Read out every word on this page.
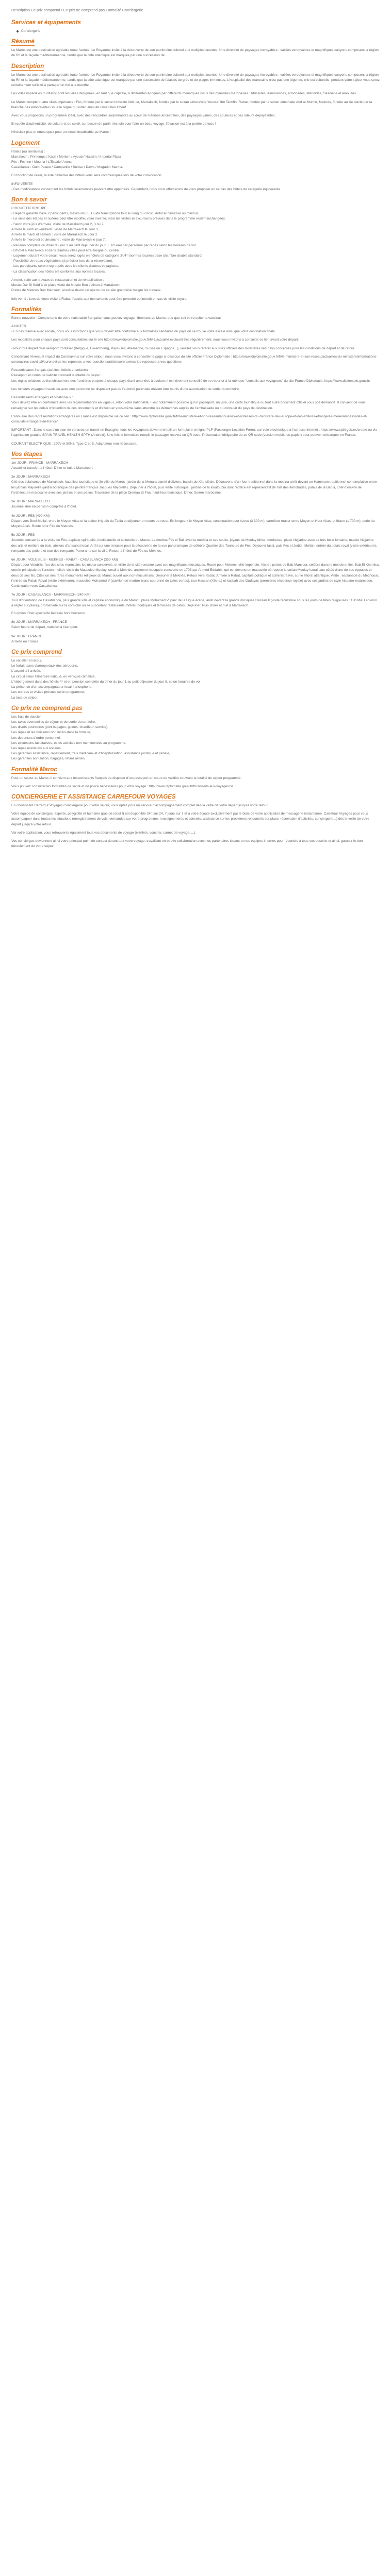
Description Ce prix comprend / Ce prix ne comprend pas Formalité Conciergerie
Services et équipements
Conciergerie
Résumé

Le Maroc est une destination agréable toute l'année. Le Royaume invite à la découverte de son patrimoine culturel aux multiples facettes. Une diversité de paysages incroyables : vallées verdoyantes et magnifiques canyons composent la région du Rif et la façade méditerranéenne, tandis que la côte atlantique est marquée par une succession de ...

Description

Le Maroc est une destination agréable toute l'année. Le Royaume invite à la découverte de son patrimoine culturel aux multiples facettes. Une diversité de paysages incroyables : vallées verdoyantes et magnifiques canyons composent la région du Rif et la façade méditerranéenne, tandis que la côte atlantique est marquée par une succession de falaises de grès et de plages immenses. L'hospitalité des marocains n'est pas une légende, elle est culturelle, pendant votre séjour vous serez certainement sollicité à partager un thé à la menthe.

Les villes impériales du Maroc sont les villes désignées, en tant que capitale, à différentes époques par différents monarques issus des dynasties marocaines : Idrissides, Almoravides, Almohades, Mérinides, Saadiens et Alaouites.

Le Maroc compte quatre villes impériales : Fès, fondée par le sultan Idrisside Idris Ier, Marrakech, fondée par le sultan almoravide Youssef Ibn Tachfin, Rabat, fondée par le sultan almohade Abd al-Mumin, Meknès, fondée au Xe siècle par la branche des Almoravides issue le règne du sultan alaouite Ismaïl ben Chérif.

Avec vous proposons un programme idéal, avec des rencontres surprenantes au cœur de médinas ancestrales, des paysages variés, des couleurs et des odeurs dépaysantes.

En quête d'authenticité, de culture et de soleil, sur besoin de partir très loin pour faire un beau voyage, l'évasion est à la portée de tous !

N'hésitez plus et embarquez pour un circuit inoubliable au Maroc !

Logement
Hôtels (ou similaires) :
Marrakech : Printemps / Kasri / Meriem / Ayoub / Nassim / Imperial Plaza
Fès : Fes Inn / Mounia / L'Escale/ Arena
Casablanca : Oum Palace / Campanile / Suisse / Dawo / Magador Marina.

En fonction de caser, la liste définitive des hôtels vous sera communiquée lors de votre convocation.

INFO VERITE

- Des modifications concernant les hôtels sélectionnés peuvent être apportées. Cependant, nous nous efforcerons de vous proposer en ce cas des hôtels de catégorie équivalente.

Bon à savoir
CIRCUIT EN GROUPE
- Départs garantis base 2 participants, maximum 35. Guide francophone tout au long du circuit. Autocar climatisé ou minibus.
- Le sens des étapes et nuitées peut être modifié, voire inversé, mais les visites et excursions prévues dans le programme restent inchangées.
- Selon votre jour d'arrivée, visite de Marrakech jour 2, 3 ou 7.
Arrivée le lundi et vendredi : visite de Marrakech le Jour 3.
Arrivée le mardi et samedi : visite de Marrakech le Jour 2.
Arrivée le mercredi et dimanche : visite de Marrakech le jour 7.
- Pension complète du dîner du jour 1 au petit déjeuner du jour 8, 1/2 eau par personne par repas selon les horaires de vol.
- D'hôtel à Marrakech et dans d'autres villes peut être éloigné du centre.
- Logement durant votre circuit, vous serez logés en hôtels de catégorie 3*/4* (normes locales) base chambre double standard.
- Possibilité de repas végétariens (à préciser lors de la réservation).
- Les participants seront regroupés avec les clients d'autres voyagistes.
- La classification des hôtels est conforme aux normes locales.
A noter, suite aux travaux de restauration et de réhabilitation :
Musée Dar Si Saïd à se place visite du Musée Ben Jelloun à Marrakech
Portes de Meknès Bab Mansour, possible devoir un apercu de ce site grandiose malgré les travaux.

Info vérité : Lors de votre visite à Rabat, l'accès aux monuments peut être perturbé ou interdit en cas de visite royale.

Formalités

Bonne nouvelle : Compte tenu de votre nationalité française, vous pouvez voyager librement au Maroc, que que soit votre schéma vaccinal.

A NOTER

- En cas d'arrivé avec escale, nous vous informons que vous devrez être conforme aux formalités sanitaires du pays où se trouve votre escale ainsi que votre destination finale.

Les modalités pour chaque pays sont consultables sur le site https://www.diplomatie.gouv.fr/fr/ L'actualité évoluant très régulièrement, nous vous invitons à consulter ce lien avant votre départ.

- Pour tout départ d'un aéroport frontalier (Belgique, Luxembourg, Pays-Bas, Allemagne, Suisse ou Espagne...), veuillez vous référer aux sites officiels des ministères des pays concernés pour les conditions de départ et de retour.

Concernant l'éventuel impact du Coronavirus sur votre séjour, nous vous invitons à consulter la page ci-dessous du site officiel France Diplomatie : https://www.diplomatie.gouv.fr/fr/le-ministere-et-son-reseau/actualites-du-ministere/informations-coronavirus-covid-19/coronavirus-les-reponses-a-vos-questions/article/coronavirus-les-reponses-a-vos-questions

Ressortissants français (adultes, bébés et enfants) :

Passeport en cours de validité couvrant la totalité du séjour.

Les règles relatives au franchissement des frontières propres à chaque pays étant amenées à évoluer, il est vivement conseillé de se reporter à la rubrique "conseils aux voyageurs" du site France Diplomatie, https://www.diplomatie.gouv.fr/

Les mineurs voyageant seuls ou avec une personne ne disposant pas de l'autorité parentale doivent être munis d'une autorisation de sortie du territoire.

Ressortissants étrangers et binationaux :

Vous devrez être en conformité avec les réglementations en vigueur, selon votre nationalité. Il est notamment possible qu'un passeport, un visa, une carte touristique ou tout autre document officiel vous soit demandé. Il convient de vous renseigner sur les délais d'obtention de ces documents et d'effectuer vous-même sans attendre les démarches auprès de l'ambassade ou du consulat du pays de destination.

L'annuaire des représentations étrangères en France est disponible via ce lien : http://www.diplomatie.gouv.fr/fr/le-ministere-et-son-reseau/annuaires-et-adresses-du-ministere-de-l-europe-et-des-affaires-etrangeres-meae/ambassades-et-consulats-etrangers-en-france/

IMPORTANT : Dans le cas d'un plan de vol avec un transit en Espagne, tous les voyageurs doivent remplir un formulaire en ligne PLF (Passenger Location Form), par voie électronique à l'adresse internet : https://www.spth.gob.es/create ou via l'application gratuite SPAIN TRAVEL HEALTH-SPTH (Android). Une fois le formulaire rempli, le passager recevra un QR code. Présentation obligatoire de ce QR code (version mobile ou papier) pour pouvoir embarquer en France.

COURANT ELECTRIQUE : 220V et 50Hz. Type C et E. Adaptateur non nécessaire.

Vos étapes
1er JOUR : FRANCE - MARRAKECH
Accueil et transfert à l'hôtel. Dîner et nuit à Marrakech.
2e JOUR : MARRAKECH
Cité des éclairantes de Marrakech, haut lieu touristique et 3e ville du Maroc : jardin de la Menara planté d'oliviers, bassin du XIIe siècle. Découverte d'un four traditionnel dans la médina arrêt devant un Hammam traditionnel contemplative entre les jardins Majorelle (jardin botanique des peintre français Jacques Majorelle). Déjeuner à l'hôtel, puis visite historique : jardins de la Koutoubia dont l'édifice est représentatif de l'art des Almohades, palais de la Bahia, chef-d'œuvre de l'architecture marocaine avec ses jardins et ses patios. Traversée de la place Djemaa El Fna, haut-lieu touristique. Dîner. Soirée marocaine.
3e JOUR : MARRAKECH
Journée libre en pension complète à l'hôtel.
4e JOUR : FES (490 KM)
Départ vers Beni-Mellal, entre le Moyen Atlas et la plaine irriguée du Tadla et déjeuner en cours de route. En longeant le Moyen Atlas, continuation pour Azrou (3 300 m), carrefour routier entre Moyen et Haut Atlas, et Ifrane (1 700 m), perle du Moyen Atlas. Route pour Fès ou Meknès.
5e JOUR : FES
Journée consacrée à la visite de Fès, capitale spirituelle, intellectuelle et culturelle du Maroc. La medina Fès el Bali avec la médina et ses souks, joyaux de Moulay Idriss, medresse, place Nejjarine avec sa très belle fontaine, musée Nejjarine des arts et métiers du bois, ateliers d'artisanat local. Arrêt sur une terrasse pour la découverte de la vue panoramique de célèbre Quartier des Tanneurs de Fès. Déjeuner fassi, puis Fès el Jedid : Mellah, entrée du palais royal (visite extérieure), remparts des potiers et tour des remparts. Panorama sur la ville. Retour à l'hôtel de Fès ou Meknès.
6e JOUR : VOLUBILIS - MEKNES - RABAT - CASABLANCA (350 KM)
Départ pour Volubilis, l'un des sites marocains les mieux conservés, et visite de la cité romaine avec ses magnifiques mosaïques. Route pour Meknès, ville impériale. Visite : portes de Bab Mansour, célèbre dans le monde entier, Bab El Khemiss, entrée principale de l'ancien mellah, visite du Mausolée Moulay Ismail à Meknès, ancienne mosquée construite en 1703 par Ahmed Eddahbi, qui est devenu un mausolée où repose le sultan Moulay Ismaïl aux côtés d'une de ses épouses et deux de ses fils. Cités un des rares monuments religieux du Maroc ouvert aux non-musulmans. Déjeuner à Meknès. Retour vers Rabat. Arrivée à Rabat, capitale politique et administrative, sur le littoral atlantique. Visite : esplanade du Mechouar, l'entrée du Palais Royal (visite extérieure), mausolée Mohamed V (pavillon de marbre blanc couronné de tuiles vertes), tour Hassan (XIIe s.) et kasbah des Oudayas (premières résidence royale) avec ses jardins de style hispano-mauresque. Continuation vers Casablanca.
7e JOUR : CASABLANCA - MARRAKECH (240 KM)
Tour d'orientation de Casablanca, plus grande ville et capitale économique du Maroc : place Mohamed V, parc de la Ligue Arabe, arrêt devant la grande mosquée Hassan II (visite facultative sous les jours de fêtes religieuses : 130 MAD environ à régler sur place), promenade sur la corniche où se succèdent restaurants, hôtels, boutiques et terrasses de cafés. Déjeuner. Puis Dîner et nuit à Marrakech.
En option dîner-spectacle fantasia hors boissons.
8e JOUR : MARRAKECH - FRANCE
Selon heure de départ, transfert à l'aéroport.
9e JOUR : FRANCE
Arrivée en France.
Ce prix comprend
Le vol aller et retour,
Le forfait taxes d'aéroportaux des aéroports,
L'accueil à l'arrivée,
Le circuit selon l'itinéraire indiqué, en véhicule climatisé,
L'hébergement dans des hôtels 4* et en pension complète du dîner du jour 1 au petit déjeuner du jour 8, selon horaires de vol,
La présence d'un accompagnateur local francophone,
Les entrées et visites prévues selon programme,
La taxe de séjour.
Ce prix ne comprend pas
Les frais de dossier,
Les taxes éventuelles de séjour et de sortie du territoire,
Les divers pourboires (port bagages, guides, chauffeur, service),
Les repas et les boissons non inclus dans la formule,
Les dépenses d'ordre personnel,
Les excursions facultatives, et les activités non mentionnées au programme,
Les repas éventuels aux escales,
Les garanties assistance, rapatriement, frais médicaux et d'hospitalisation, assistance juridique et pénale,
Les garanties annulation, bagages, retard aérien.
Formalité Maroc

Pour un séjour au Maroc, il convient aux ressortissants français de disposer d'un passeport en cours de validité couvrant la totalité du séjour programmé.

Vous pouvez consulter les formalités de santé et de police nécessaires pour votre voyage : http://www.diplomatie.gouv.fr/fr/conseils-aux-voyageurs/

CONCIERGERIE ET ASSISTANCE CARREFOUR VOYAGES

En choisissant Carrefour Voyages Conciergerie pour votre séjour, vous optez pour un service d'accompagnement complet dès la veille de votre départ jusqu'à votre retour.

Votre équipe de concierges, experte, polyglotte et humaine (pas de robot !) est disponible 24h sur 24, 7 jours sur 7 et à votre écoute exclusivement par le biais de votre application de messagerie instantanée. Carrefour Voyages pour vous accompagner dans toutes les situations (enregistrement de vols, demandes sur votre programme, renseignements et conseils, assistance sur les problèmes rencontrés sur place, réservation d'activités, conciergerie...) dès la veille de votre départ jusqu'à votre retour.

Via votre application, vous retrouverez également tous vos documents de voyage (e-billets, voucher, carnet de voyage, ...).

Vos concierges deviennent ainsi votre principal point de contact durant tout votre voyage, travaillant en étroite collaboration avec nos partenaires locaux et nos équipes internes pour répondre à tous vos besoins et ainsi, garantir le bon déroulement de votre séjour.
